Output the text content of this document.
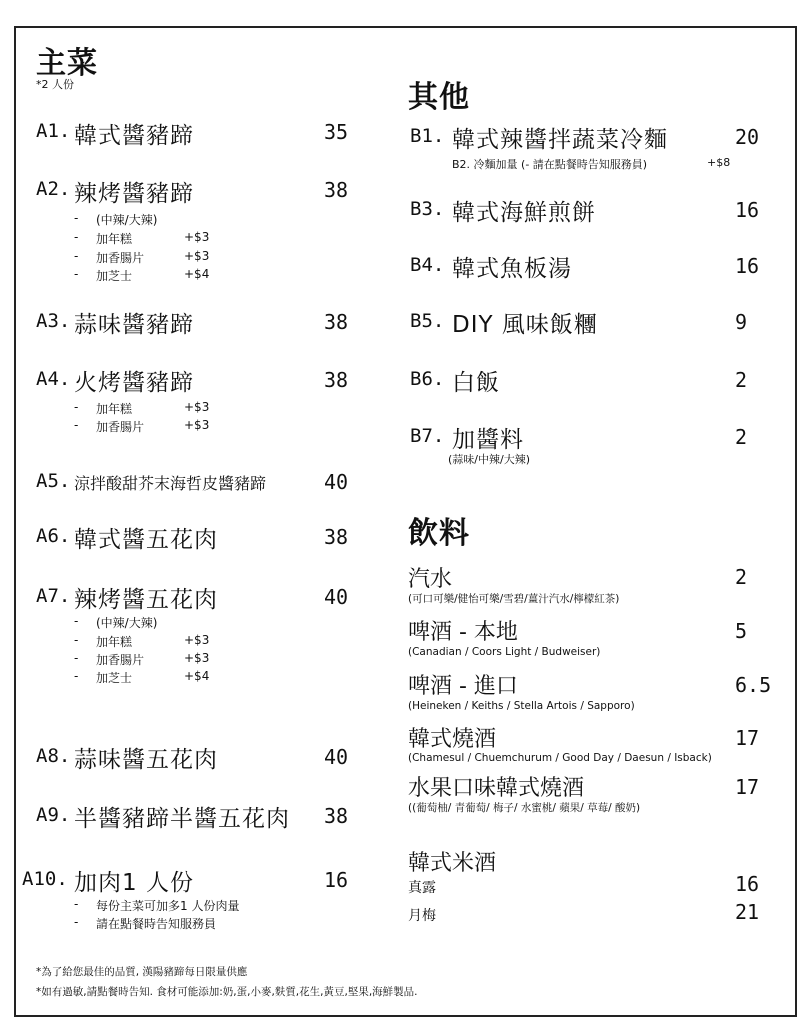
主菜
*2 人份
A1. 韓式醬豬蹄	35
A2. 辣烤醬豬蹄	38
- (中辣/大辣)
- 加年糕	+$3
- 加香腸片	+$3
- 加芝士	+$4
A3. 蒜味醬豬蹄	38
A4. 火烤醬豬蹄	38
- 加年糕	+$3
- 加香腸片	+$3
A5. 涼拌酸甜芥末海哲皮醬豬蹄	40
A6. 韓式醬五花肉	38
A7. 辣烤醬五花肉	40
- (中辣/大辣)
- 加年糕	+$3
- 加香腸片	+$3
- 加芝士	+$4
A8. 蒜味醬五花肉	40
A9. 半醬豬蹄半醬五花肉 38
A10. 加肉1 人份	16
- 每份主菜可加多1 人份肉量
- 請在點餐時告知服務員
其他
B1. 韓式辣醬拌蔬菜冷麵	20
B2. 冷麵加量 (- 請在點餐時告知服務員)	+$8
B3. 韓式海鮮煎餅	16
B4. 韓式魚板湯	16
B5. DIY 風味飯糰	9
B6. 白飯	2
B7. 加醬料	2
(蒜味/中辣/大辣)
飲料
汽水	2
(可口可樂/健怡可樂/雪碧/薑汁汽水/檸檬紅茶)
啤酒 - 本地	5
(Canadian / Coors Light / Budweiser)
啤酒 - 進口	6.5
(Heineken / Keiths / Stella Artois / Sapporo)
韓式燒酒	17
(Chamesul / Chuemchurum / Good Day / Daesun / Isback)
水果口味韓式燒酒	17
((葡萄柚/ 青葡萄/ 梅子/ 水蜜桃/ 蘋果/ 草莓/ 酸奶)
韓式米酒
真露	16
月梅	21
*為了給您最佳的品質, 漢陽豬蹄每日限量供應
*如有過敏,請點餐時告知. 食材可能添加:奶,蛋,小麥,麩質,花生,黃豆,堅果,海鮮製品.
